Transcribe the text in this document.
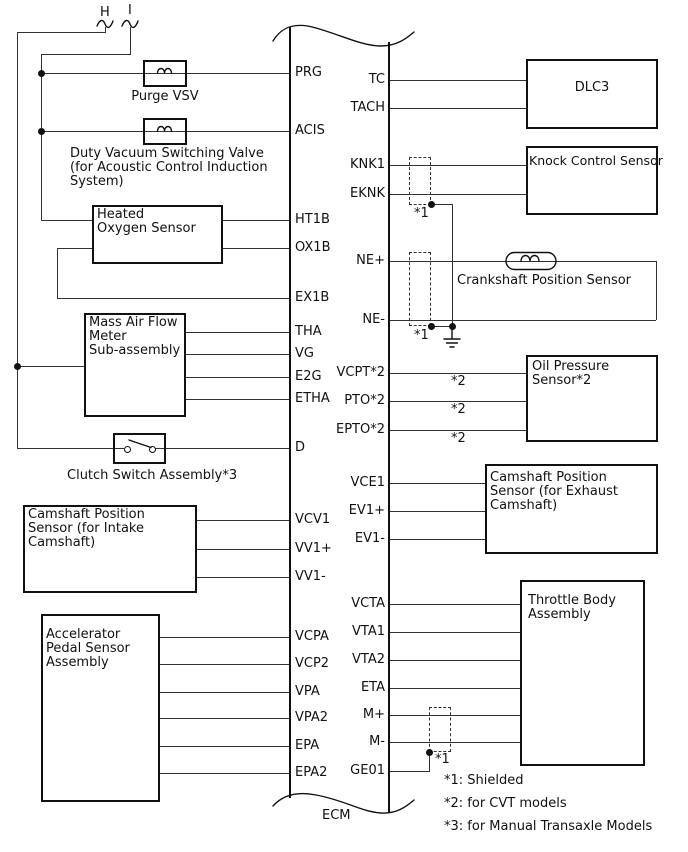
H I
PRG
ACIS
HT1B
OX1B
EX1B
THA
VG
E2G
ETHA
D
VCV1
VV1+
VV1-
VCPA
VCP2
VPA
VPA2
EPA
EPA2
TC
TACH
KNK1
EKNK
NE+
NE-
VCPT*2
PTO*2
EPTO*2
VCE1
EV1+
EV1-
VCTA
VTA1
VTA2
ETA
M+
M-
GE01
Purge VSV
Duty Vacuum Switching Valve
(for Acoustic Control Induction
System)
Heated
Oxygen Sensor
Mass Air Flow
Meter
Sub-assembly
Clutch Switch Assembly*3
Camshaft Position
Sensor (for Intake
Camshaft)
Accelerator
Pedal Sensor
Assembly
DLC3
Knock Control Sensor
Crankshaft Position Sensor
Oil Pressure
Sensor*2
Camshaft Position
Sensor (for Exhaust
Camshaft)
Throttle Body
Assembly
*1
*1
*1
*2
*2
*2
ECM
*1: Shielded
*2: for CVT models
*3: for Manual Transaxle Models
